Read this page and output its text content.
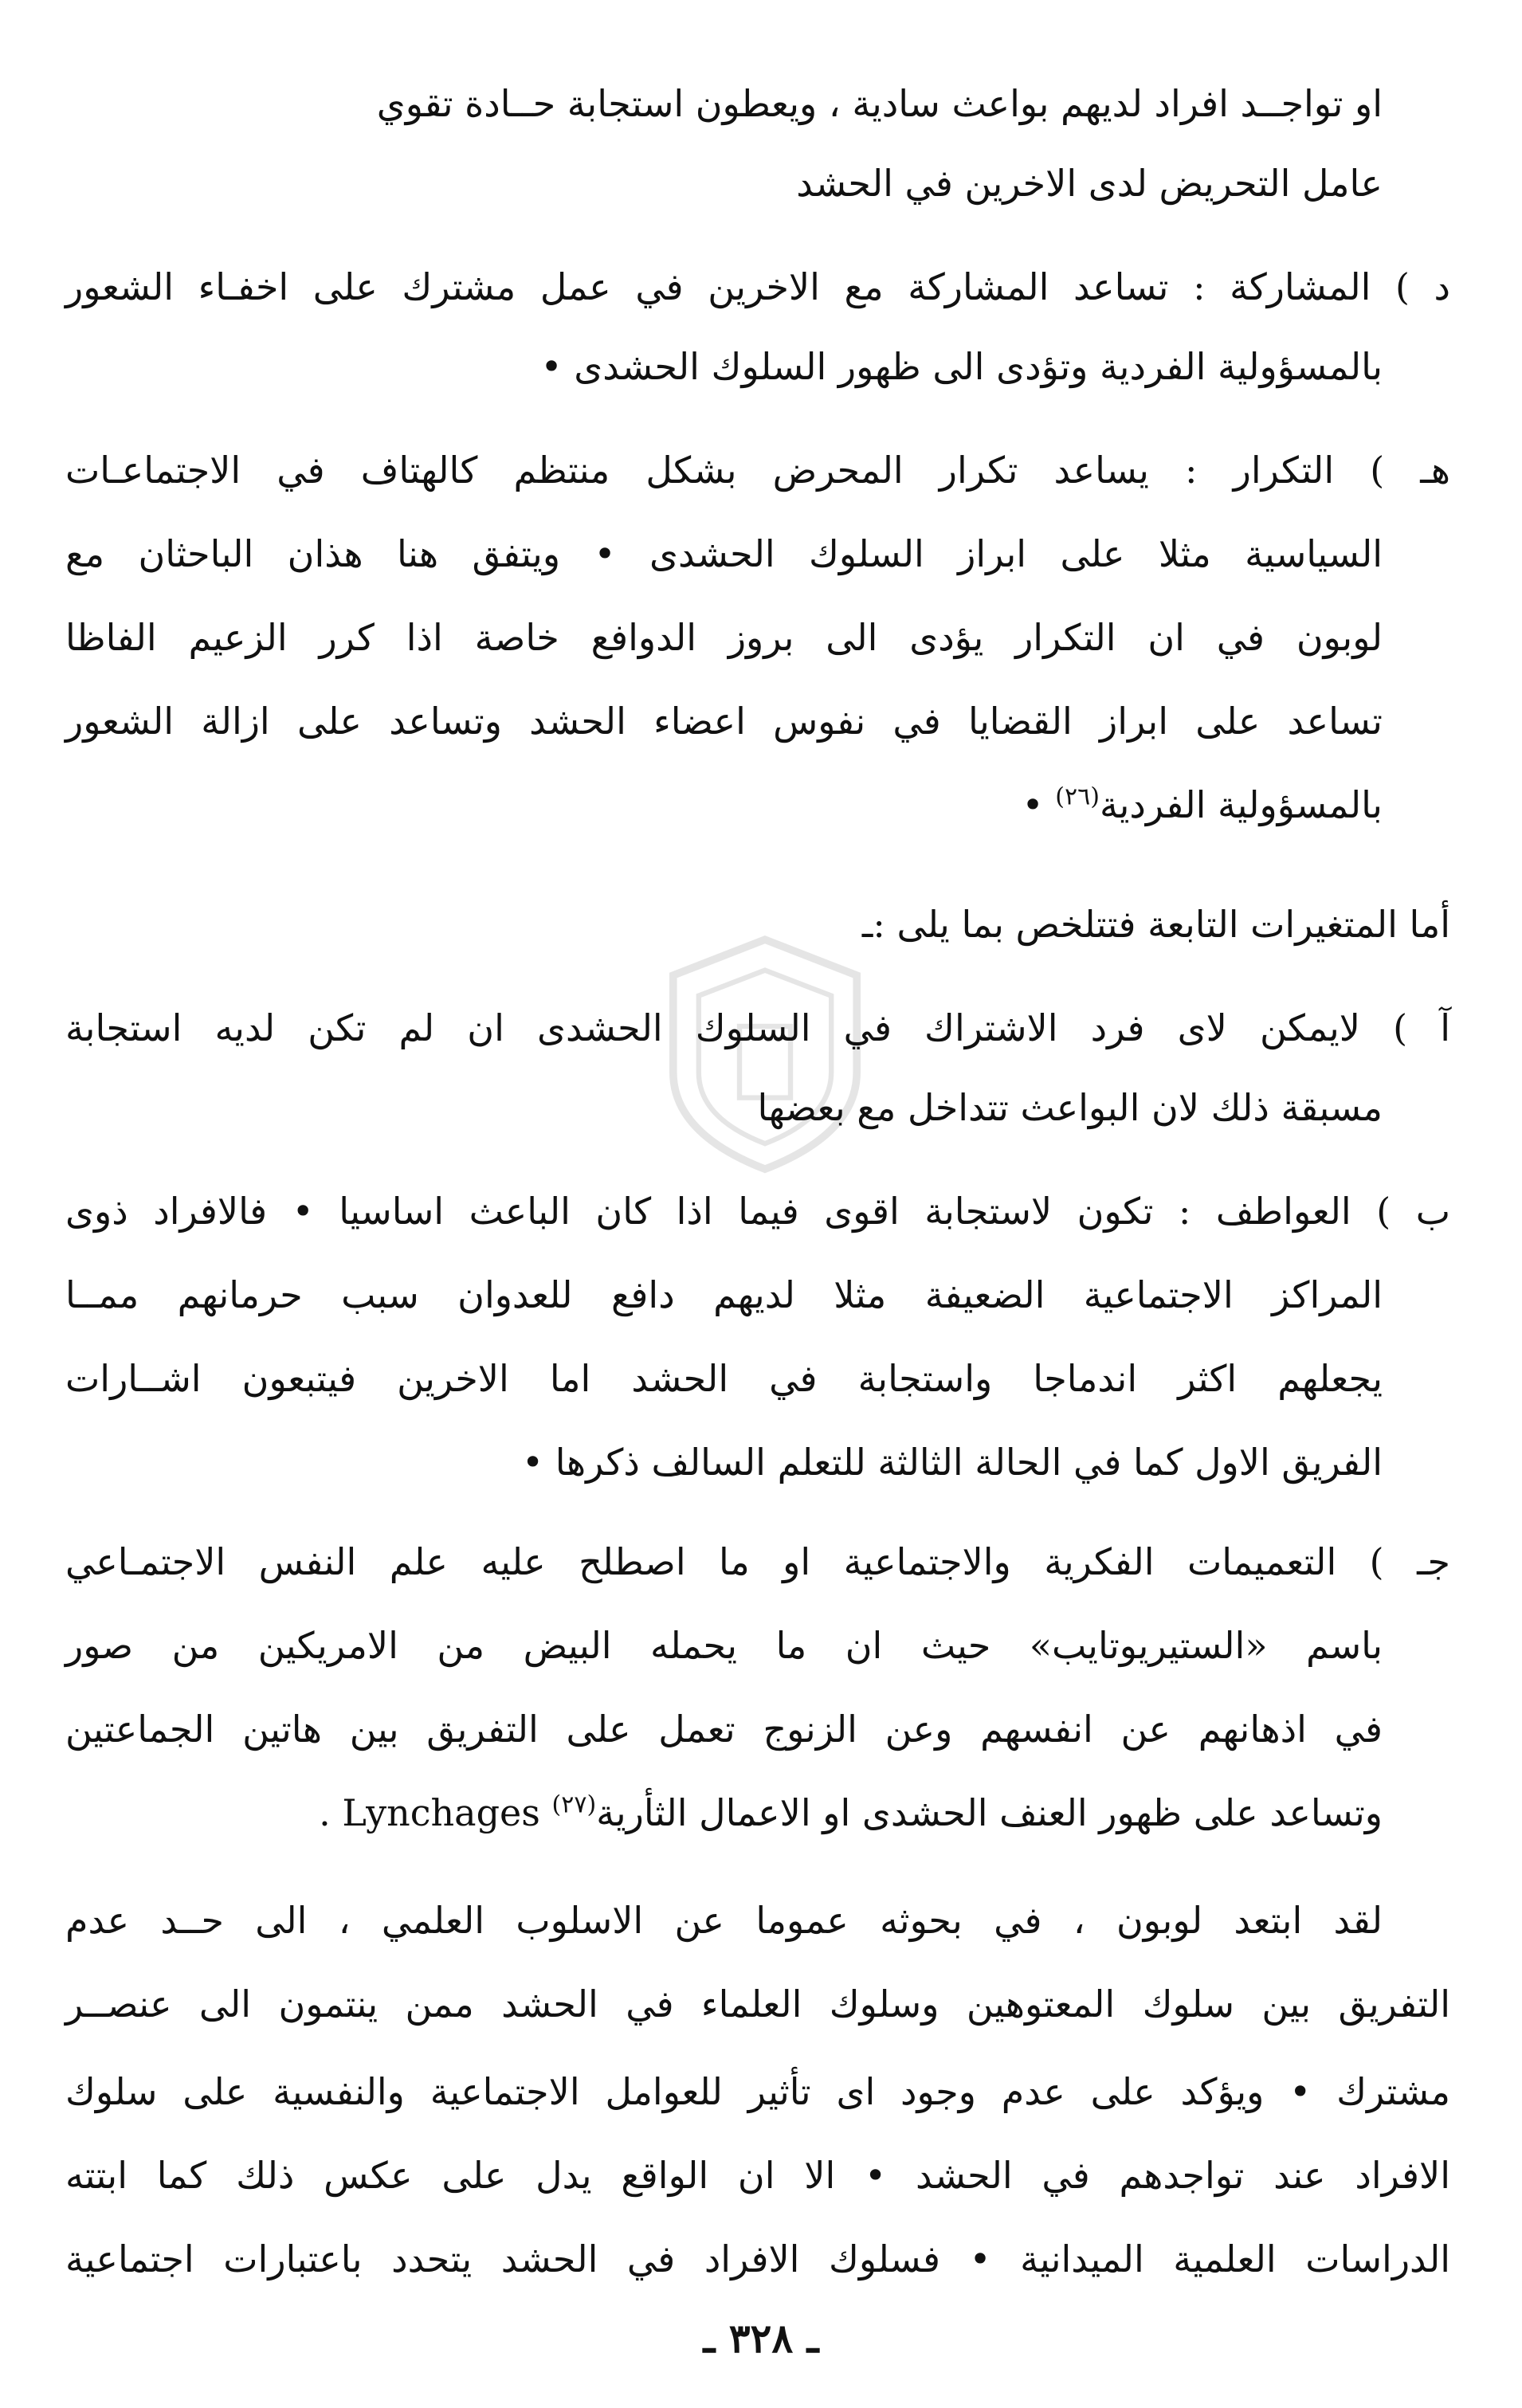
او تواجــد افراد لديهم بواعث سادية ، ويعطون استجابة حــادة تقوي
عامل التحريض لدى الاخرين في الحشد
د ) المشاركة : تساعد المشاركة مع الاخرين في عمل مشترك على اخفـاء الشعور
بالمسؤولية الفردية وتؤدى الى ظهور السلوك الحشدى •
هـ ) التكرار : يساعد تكرار المحرض بشكل منتظم كالهتاف في الاجتماعـات
السياسية مثلا على ابراز السلوك الحشدى • ويتفق هنا هذان الباحثان مع
لوبون في ان التكرار يؤدى الى بروز الدوافع خاصة اذا كرر الزعيم الفاظا
تساعد على ابراز القضايا في نفوس اعضاء الحشد وتساعد على ازالة الشعور
بالمسؤولية الفردية$^{(٢٦)}$ •
أما المتغيرات التابعة فتتلخص بما يلى :ـ
آ ) لايمكن لاى فرد الاشتراك في السلوك الحشدى ان لم تكن لديه استجابة
مسبقة ذلك لان البواعث تتداخل مع بعضها
ب ) العواطف : تكون لاستجابة اقوى فيما اذا كان الباعث اساسيا • فالافراد ذوى
المراكز الاجتماعية الضعيفة مثلا لديهم دافع للعدوان سبب حرمانهم ممــا
يجعلهم اكثر اندماجا واستجابة في الحشد اما الاخرين فيتبعون اشــارات
الفريق الاول كما في الحالة الثالثة للتعلم السالف ذكرها •
جـ ) التعميمات الفكرية والاجتماعية او ما اصطلح عليه علم النفس الاجتمـاعي
باسم «الستيريوتايب» حيث ان ما يحمله البيض من الامريكين من صور
في اذهانهم عن انفسهم وعن الزنوج تعمل على التفريق بين هاتين الجماعتين
وتساعد على ظهور العنف الحشدى او الاعمال الثأرية$^{(٢٧)}$ Lynchages .
لقد ابتعد لوبون ، في بحوثه عموما عن الاسلوب العلمي ، الى حــد عدم
التفريق بين سلوك المعتوهين وسلوك العلماء في الحشد ممن ينتمون الى عنصــر
مشترك • ويؤكد على عدم وجود اى تأثير للعوامل الاجتماعية والنفسية على سلوك
الافراد عند تواجدهم في الحشد • الا ان الواقع يدل على عكس ذلك كما ابتته
الدراسات العلمية الميدانية • فسلوك الافراد في الحشد يتحدد باعتبارات اجتماعية
ـ ٣٢٨ ـ
